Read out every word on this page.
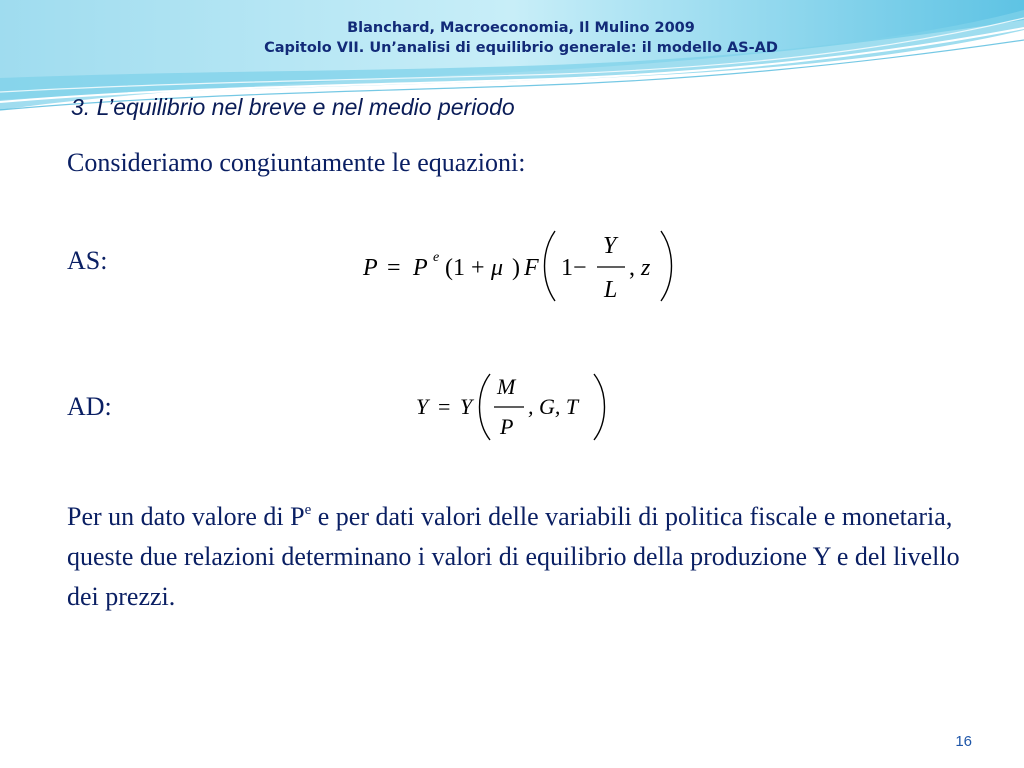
Blanchard, Macroeconomia, Il Mulino 2009
Capitolo VII. Un’analisi di equilibrio generale: il modello AS-AD
3. L’equilibrio nel breve e nel medio periodo
Consideriamo congiuntamente le equazioni:
AS:	P = P e (1 + μ ) F 1−
Y
L
, z
AD:	Y = Y
M
P
, G, T
Per un dato valore di $P^e$ e per dati valori delle variabili di politica fiscale e monetaria, queste due relazioni determinano i valori di equilibrio della produzione Y e del livello dei prezzi.
16
